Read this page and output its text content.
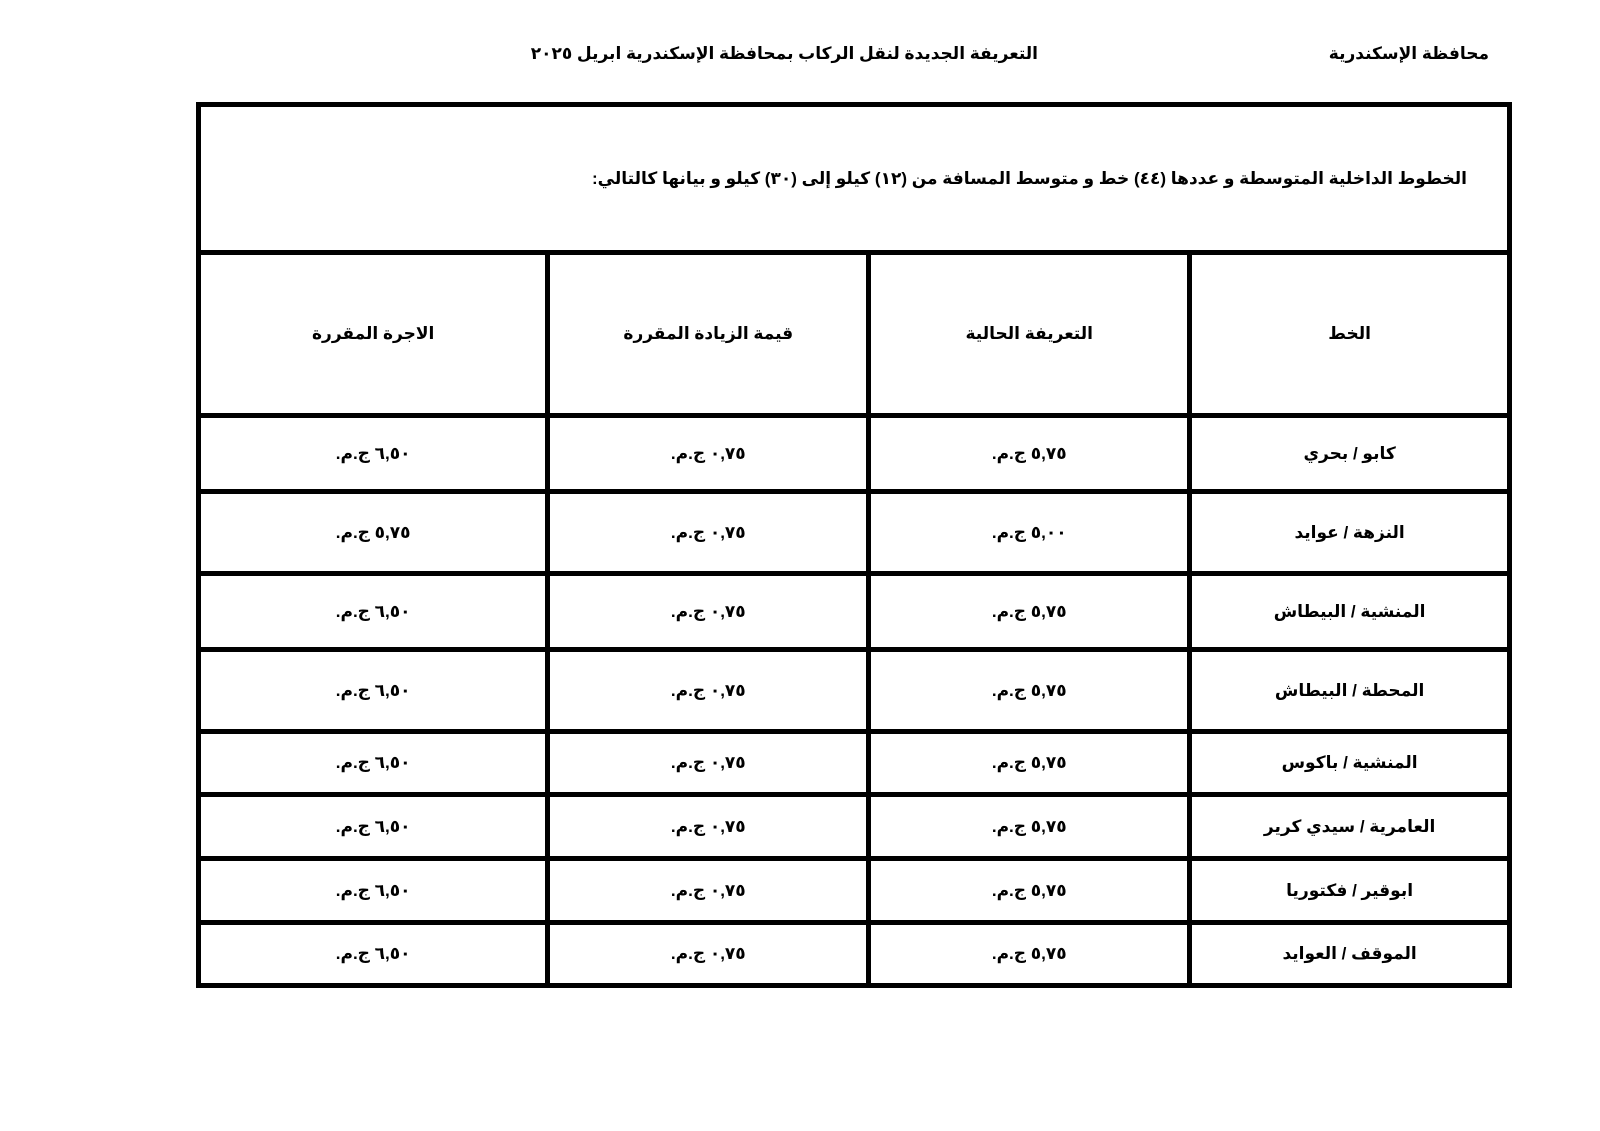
محافظة الإسكندرية
التعريفة الجديدة لنقل الركاب بمحافظة الإسكندرية ابريل ٢٠٢٥
الخطوط الداخلية المتوسطة و عددها (٤٤) خط و متوسط المسافة من (١٢) كيلو إلى (٣٠) كيلو و بيانها كالتالي:			
الخط	التعريفة الحالية	قيمة الزيادة المقررة	الاجرة المقررة
كابو / بحري	٥,٧٥ ج.م.	٠,٧٥ ج.م.	٦,٥٠ ج.م.
النزهة / عوايد	٥,٠٠ ج.م.	٠,٧٥ ج.م.	٥,٧٥ ج.م.
المنشية / البيطاش	٥,٧٥ ج.م.	٠,٧٥ ج.م.	٦,٥٠ ج.م.
المحطة / البيطاش	٥,٧٥ ج.م.	٠,٧٥ ج.م.	٦,٥٠ ج.م.
المنشية / باكوس	٥,٧٥ ج.م.	٠,٧٥ ج.م.	٦,٥٠ ج.م.
العامرية / سيدي كرير	٥,٧٥ ج.م.	٠,٧٥ ج.م.	٦,٥٠ ج.م.
ابوقير / فكتوريا	٥,٧٥ ج.م.	٠,٧٥ ج.م.	٦,٥٠ ج.م.
الموقف / العوايد	٥,٧٥ ج.م.	٠,٧٥ ج.م.	٦,٥٠ ج.م.
